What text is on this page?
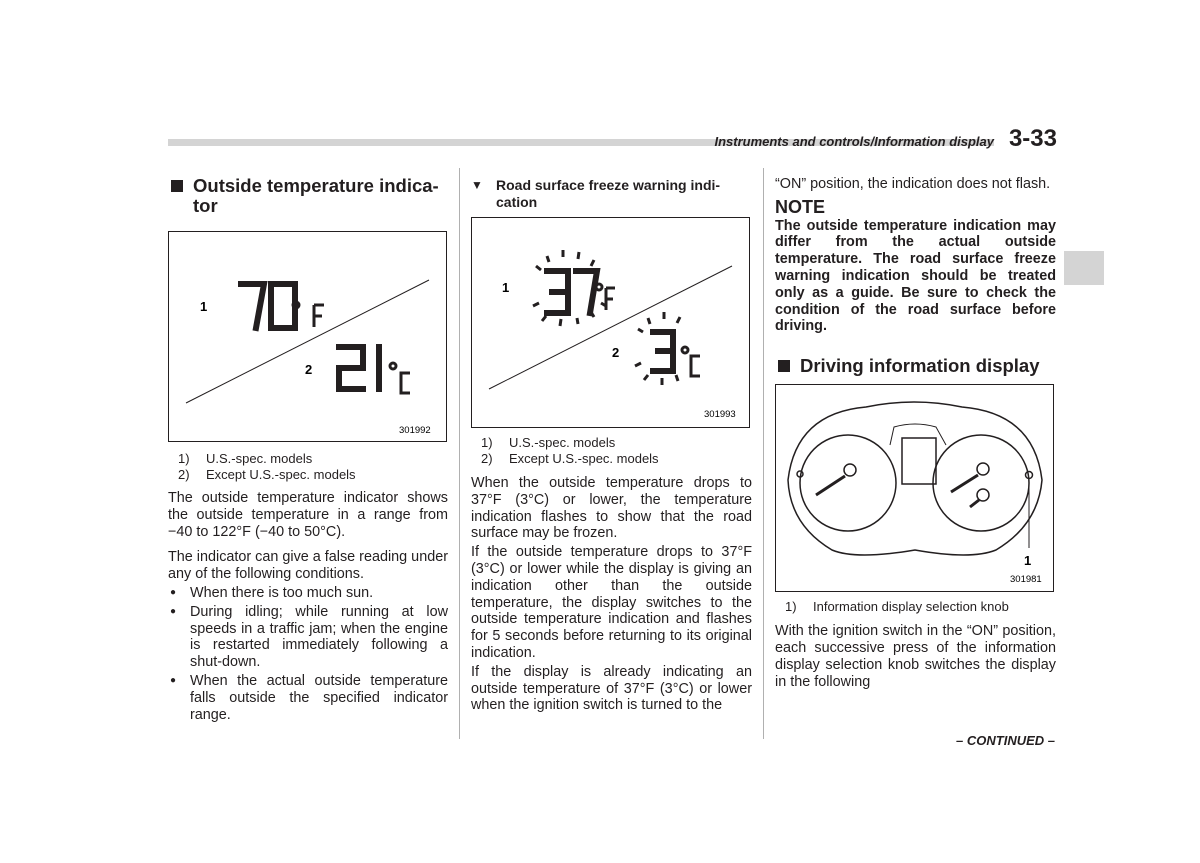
Instruments and controls/Information display 3-33
Outside temperature indica-tor
1
2
301992
1)	U.S.-spec. models
2)	Except U.S.-spec. models

The outside temperature indicator shows the outside temperature in a range from −40 to 122°F (−40 to 50°C).

The indicator can give a false reading under any of the following conditions.

● When there is too much sun.
● During idling; while running at low speeds in a traffic jam; when the engine is restarted immediately following a shut-down.
● When the actual outside temperature falls outside the specified indicator range.
▼ Road surface freeze warning indi-cation
1
2
301993
1)	U.S.-spec. models
2)	Except U.S.-spec. models

When the outside temperature drops to 37°F (3°C) or lower, the temperature indication flashes to show that the road surface may be frozen.

If the outside temperature drops to 37°F (3°C) or lower while the display is giving an indication other than the outside temperature, the display switches to the outside temperature indication and flashes for 5 seconds before returning to its original indication.

If the display is already indicating an outside temperature of 37°F (3°C) or lower when the ignition switch is turned to the

“ON” position, the indication does not flash.

NOTE
The outside temperature indication may differ from the actual outside temperature. The road surface freeze warning indication should be treated only as a guide. Be sure to check the condition of the road surface before driving.
Driving information display
1
301981
1)	Information display selection knob

With the ignition switch in the “ON” position, each successive press of the information display selection knob switches the display in the following

– CONTINUED –
